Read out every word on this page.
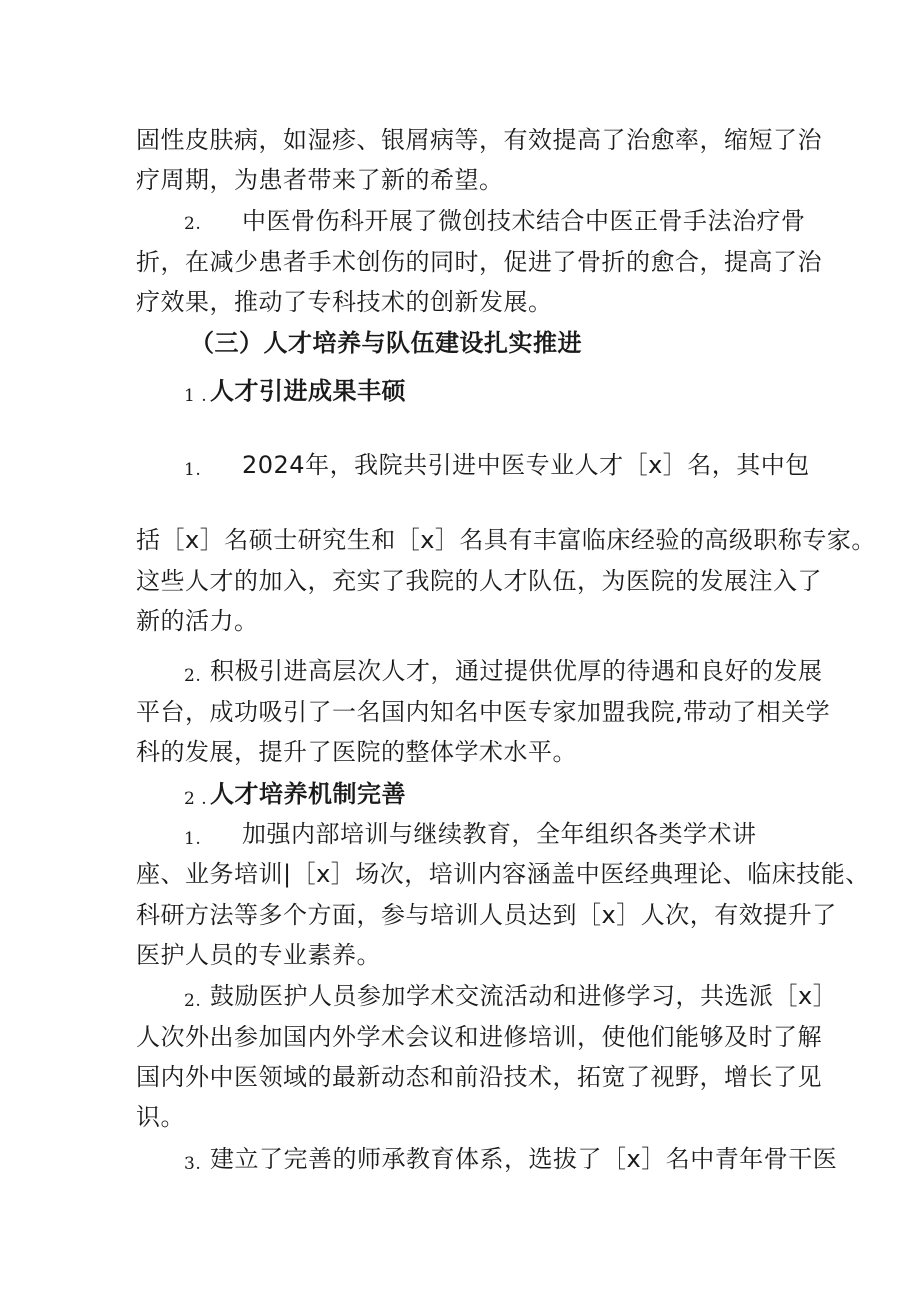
固性皮肤病，如湿疹、银屑病等，有效提高了治愈率，缩短了治
疗周期，为患者带来了新的希望。
2. 中医骨伤科开展了微创技术结合中医正骨手法治疗骨
折，在减少患者手术创伤的同时，促进了骨折的愈合，提高了治
疗效果，推动了专科技术的创新发展。
（三）人才培养与队伍建设扎实推进
1 . 人才引进成果丰硕
1. 2024年，我院共引进中医专业人才［x］名，其中包
括［x］名硕士研究生和［x］名具有丰富临床经验的高级职称专家。
这些人才的加入，充实了我院的人才队伍，为医院的发展注入了
新的活力。
2. 积极引进高层次人才，通过提供优厚的待遇和良好的发展
平台，成功吸引了一名国内知名中医专家加盟我院,带动了相关学
科的发展，提升了医院的整体学术水平。
2 . 人才培养机制完善
1. 加强内部培训与继续教育，全年组织各类学术讲
座、业务培训|［x］场次，培训内容涵盖中医经典理论、临床技能、
科研方法等多个方面，参与培训人员达到［x］人次，有效提升了
医护人员的专业素养。
2. 鼓励医护人员参加学术交流活动和进修学习，共选派［x］
人次外出参加国内外学术会议和进修培训，使他们能够及时了解
国内外中医领域的最新动态和前沿技术，拓宽了视野，增长了见
识。
3. 建立了完善的师承教育体系，选拔了［x］名中青年骨干医
